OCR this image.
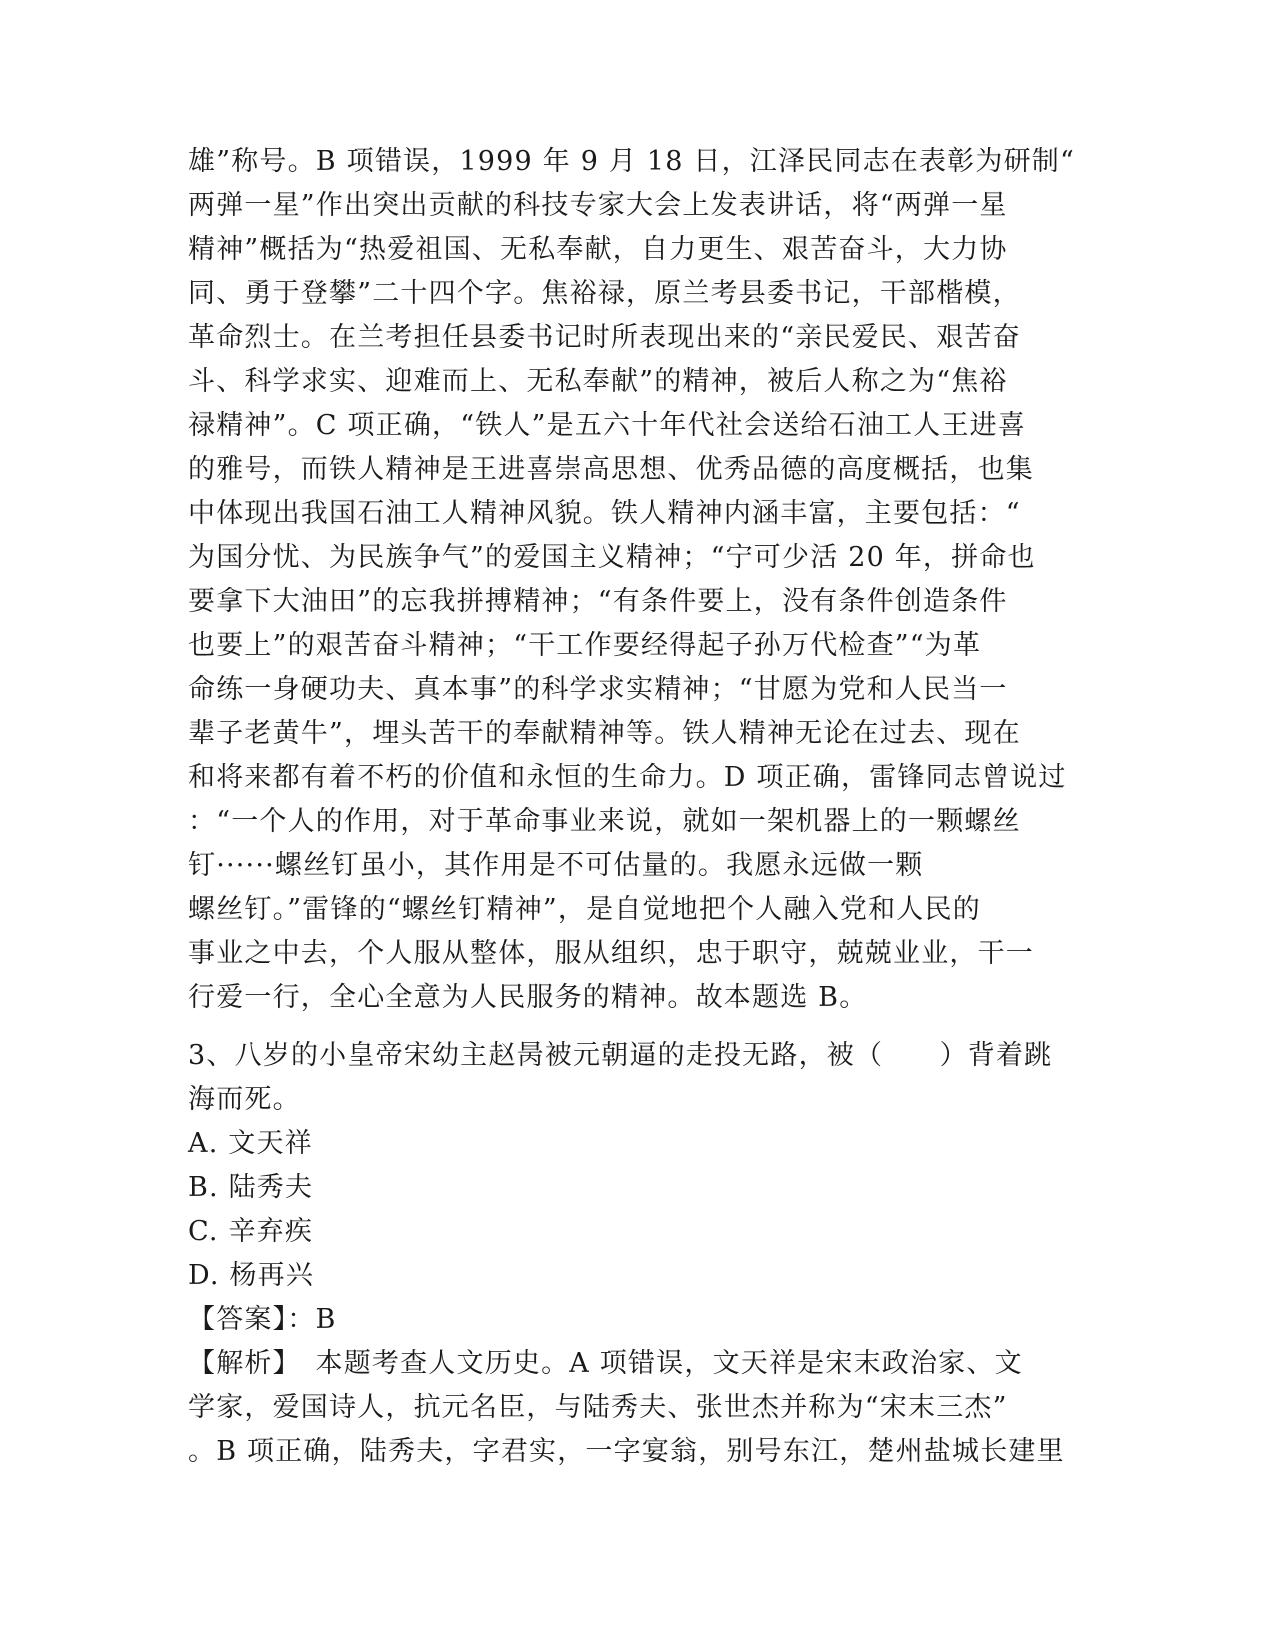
雄”称号。B 项错误，1999 年 9 月 18 日，江泽民同志在表彰为研制“
两弹一星”作出突出贡献的科技专家大会上发表讲话，将“两弹一星
精神”概括为“热爱祖国、无私奉献，自力更生、艰苦奋斗，大力协
同、勇于登攀”二十四个字。焦裕禄，原兰考县委书记，干部楷模，
革命烈士。在兰考担任县委书记时所表现出来的“亲民爱民、艰苦奋
斗、科学求实、迎难而上、无私奉献”的精神，被后人称之为“焦裕
禄精神”。C 项正确，“铁人”是五六十年代社会送给石油工人王进喜
的雅号，而铁人精神是王进喜崇高思想、优秀品德的高度概括，也集
中体现出我国石油工人精神风貌。铁人精神内涵丰富，主要包括：“
为国分忧、为民族争气”的爱国主义精神；“宁可少活 20 年，拼命也
要拿下大油田”的忘我拼搏精神；“有条件要上，没有条件创造条件
也要上”的艰苦奋斗精神；“干工作要经得起子孙万代检查”“为革
命练一身硬功夫、真本事”的科学求实精神；“甘愿为党和人民当一
辈子老黄牛”，埋头苦干的奉献精神等。铁人精神无论在过去、现在
和将来都有着不朽的价值和永恒的生命力。D 项正确，雷锋同志曾说过
：“一个人的作用，对于革命事业来说，就如一架机器上的一颗螺丝
钉······螺丝钉虽小，其作用是不可估量的。我愿永远做一颗
螺丝钉。”雷锋的“螺丝钉精神”，是自觉地把个人融入党和人民的
事业之中去，个人服从整体，服从组织，忠于职守，兢兢业业，干一
行爱一行，全心全意为人民服务的精神。故本题选 B。
3、八岁的小皇帝宋幼主赵昺被元朝逼的走投无路，被（　　）背着跳
海而死。
A. 文天祥
B. 陆秀夫
C. 辛弃疾
D. 杨再兴
【答案】：B
【解析】　本题考查人文历史。A 项错误，文天祥是宋末政治家、文
学家，爱国诗人，抗元名臣，与陆秀夫、张世杰并称为“宋末三杰”
。B 项正确，陆秀夫，字君实，一字宴翁，别号东江，楚州盐城长建里
